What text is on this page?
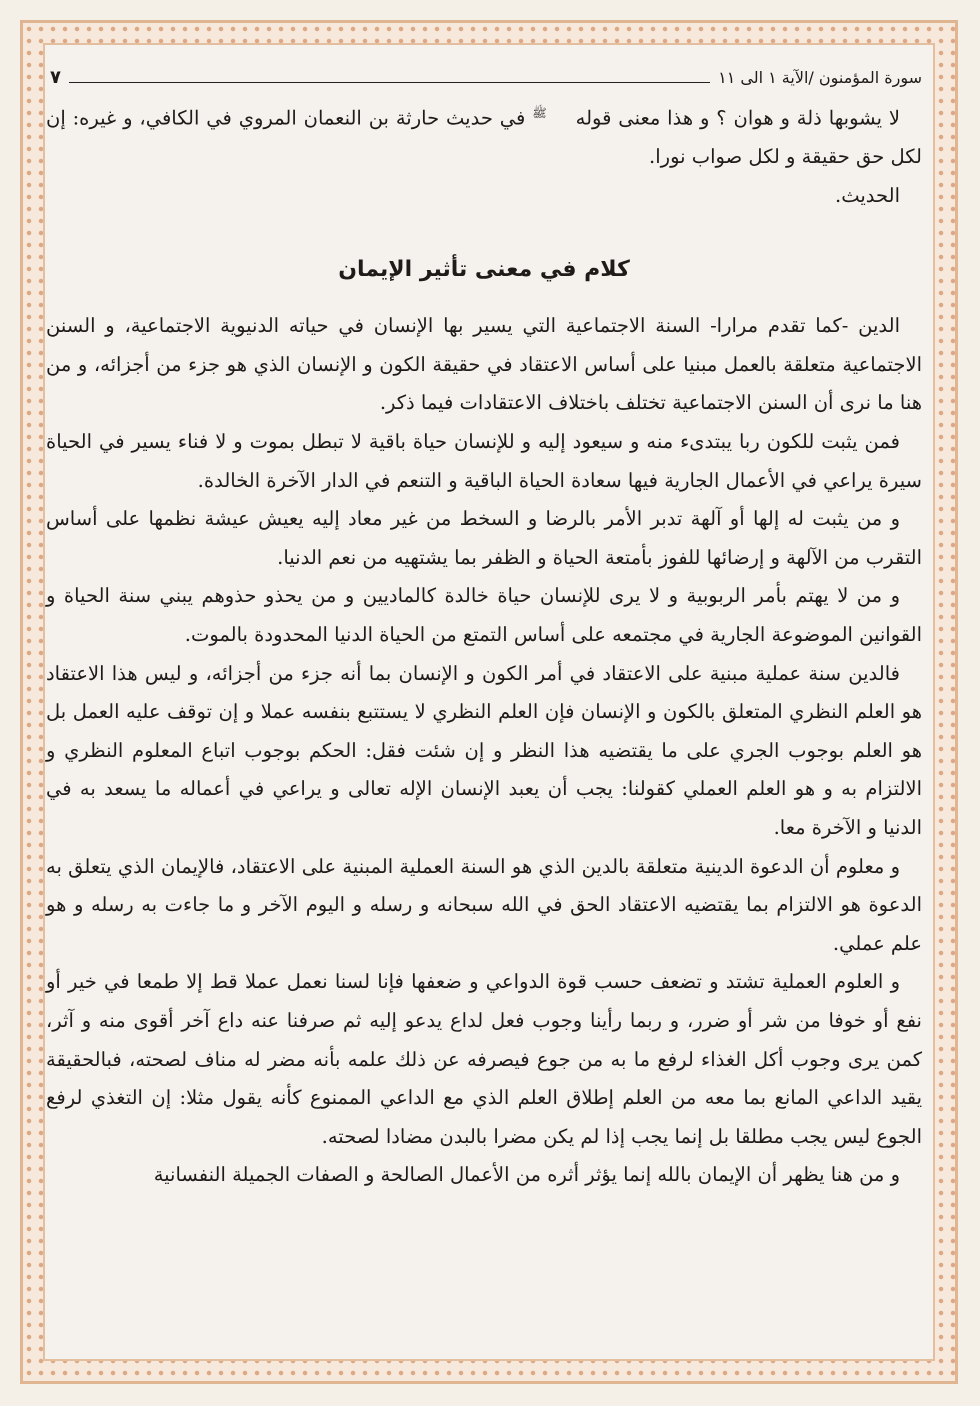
سورة المؤمنون /الآية ١ الى ١١
٧

لا يشوبها ذلة و هوان ؟ و هذا معنى قوله ﷺ في حديث حارثة بن النعمان المروي في الكافي، و غيره: إن لكل حق حقيقة و لكل صواب نورا.

الحديث.

كلام في معنى تأثير الإيمان

الدين -كما تقدم مرارا- السنة الاجتماعية التي يسير بها الإنسان في حياته الدنيوية الاجتماعية، و السنن الاجتماعية متعلقة بالعمل مبنيا على أساس الاعتقاد في حقيقة الكون و الإنسان الذي هو جزء من أجزائه، و من هنا ما نرى أن السنن الاجتماعية تختلف باختلاف الاعتقادات فيما ذكر.

فمن يثبت للكون ربا يبتدىء منه و سيعود إليه و للإنسان حياة باقية لا تبطل بموت و لا فناء يسير في الحياة سيرة يراعي في الأعمال الجارية فيها سعادة الحياة الباقية و التنعم في الدار الآخرة الخالدة.

و من يثبت له إلها أو آلهة تدبر الأمر بالرضا و السخط من غير معاد إليه يعيش عيشة نظمها على أساس التقرب من الآلهة و إرضائها للفوز بأمتعة الحياة و الظفر بما يشتهيه من نعم الدنيا.

و من لا يهتم بأمر الربوبية و لا يرى للإنسان حياة خالدة كالماديين و من يحذو حذوهم يبني سنة الحياة و القوانين الموضوعة الجارية في مجتمعه على أساس التمتع من الحياة الدنيا المحدودة بالموت.

فالدين سنة عملية مبنية على الاعتقاد في أمر الكون و الإنسان بما أنه جزء من أجزائه، و ليس هذا الاعتقاد هو العلم النظري المتعلق بالكون و الإنسان فإن العلم النظري لا يستتبع بنفسه عملا و إن توقف عليه العمل بل هو العلم بوجوب الجري على ما يقتضيه هذا النظر و إن شئت فقل: الحكم بوجوب اتباع المعلوم النظري و الالتزام به و هو العلم العملي كقولنا: يجب أن يعبد الإنسان الإله تعالى و يراعي في أعماله ما يسعد به في الدنيا و الآخرة معا.

و معلوم أن الدعوة الدينية متعلقة بالدين الذي هو السنة العملية المبنية على الاعتقاد، فالإيمان الذي يتعلق به الدعوة هو الالتزام بما يقتضيه الاعتقاد الحق في الله سبحانه و رسله و اليوم الآخر و ما جاءت به رسله و هو علم عملي.

و العلوم العملية تشتد و تضعف حسب قوة الدواعي و ضعفها فإنا لسنا نعمل عملا قط إلا طمعا في خير أو نفع أو خوفا من شر أو ضرر، و ربما رأينا وجوب فعل لداع يدعو إليه ثم صرفنا عنه داع آخر أقوى منه و آثر، كمن يرى وجوب أكل الغذاء لرفع ما به من جوع فيصرفه عن ذلك علمه بأنه مضر له مناف لصحته، فبالحقيقة يقيد الداعي المانع بما معه من العلم إطلاق العلم الذي مع الداعي الممنوع كأنه يقول مثلا: إن التغذي لرفع الجوع ليس يجب مطلقا بل إنما يجب إذا لم يكن مضرا بالبدن مضادا لصحته.

و من هنا يظهر أن الإيمان بالله إنما يؤثر أثره من الأعمال الصالحة و الصفات الجميلة النفسانية
